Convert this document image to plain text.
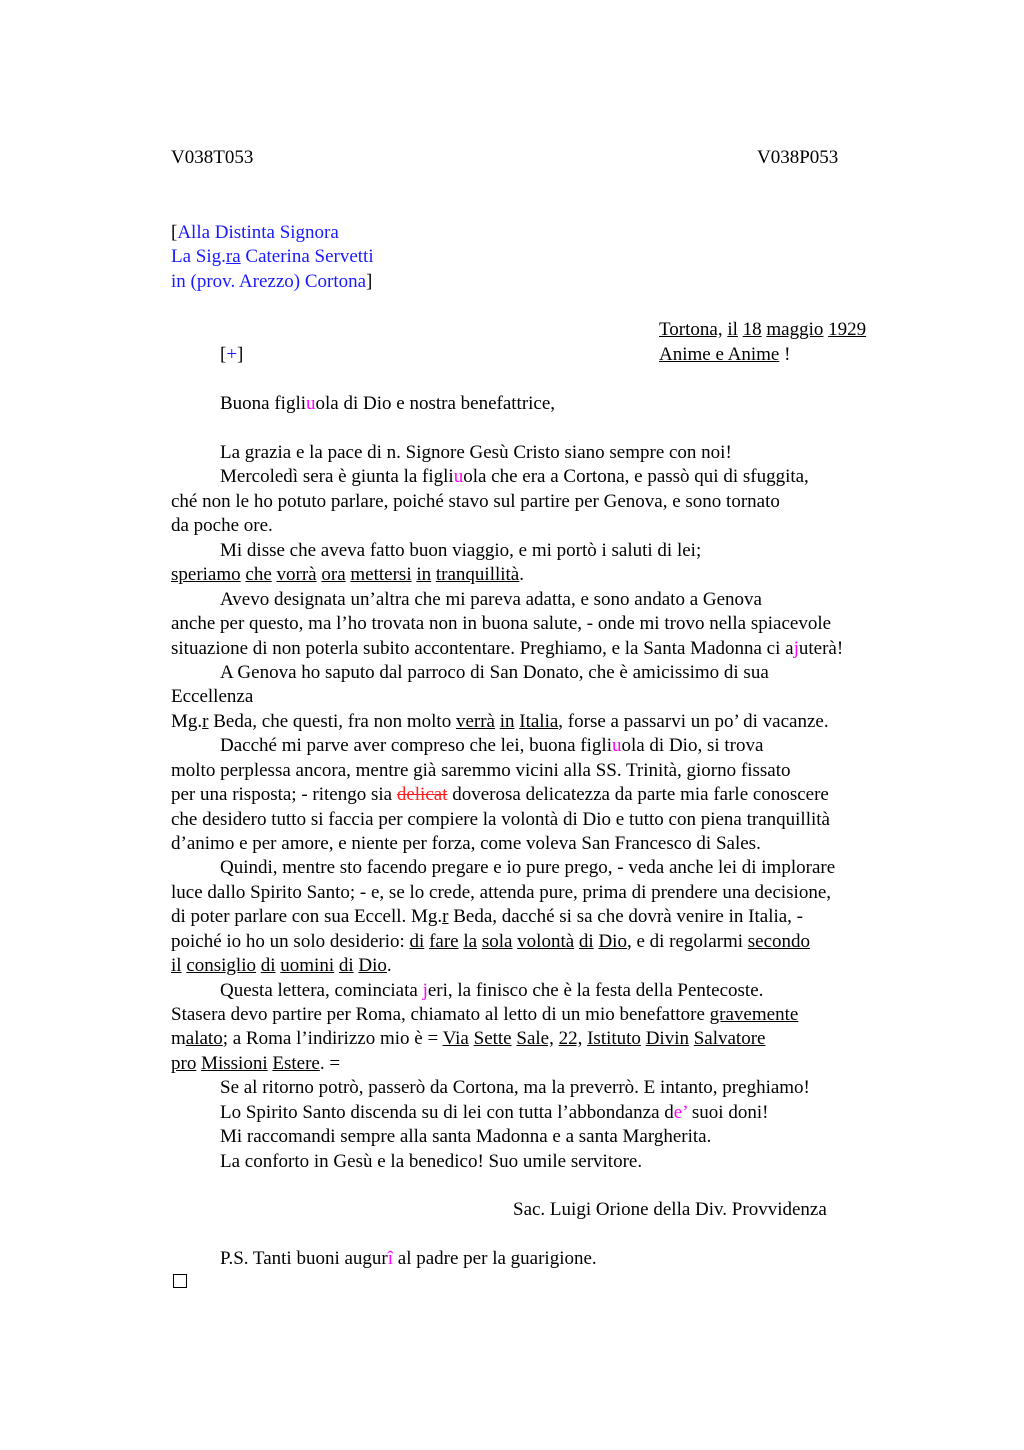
V038T053	V038P053
[Alla Distinta Signora
La Sig.ra Caterina Servetti
in (prov. Arezzo) Cortona]
Tortona, il 18 maggio 1929
Anime e Anime !
[+]
Buona figliuola di Dio e nostra benefattrice,
La grazia e la pace di n. Signore Gesù Cristo siano sempre con noi!
Mercoledì sera è giunta la figliuola che era a Cortona, e passò qui di sfuggita,
ché non le ho potuto parlare, poiché stavo sul partire per Genova, e sono tornato
da poche ore.
Mi disse che aveva fatto buon viaggio, e mi portò i saluti di lei;
speriamo che vorrà ora mettersi in tranquillità.
Avevo designata un’altra che mi pareva adatta, e sono andato a Genova
anche per questo, ma l’ho trovata non in buona salute, - onde mi trovo nella spiacevole
situazione di non poterla subito accontentare. Preghiamo, e la Santa Madonna ci ajuterà!
A Genova ho saputo dal parroco di San Donato, che è amicissimo di sua
Eccellenza
Mg.r Beda, che questi, fra non molto verrà in Italia, forse a passarvi un po’ di vacanze.
Dacché mi parve aver compreso che lei, buona figliuola di Dio, si trova
molto perplessa ancora, mentre già saremmo vicini alla SS. Trinità, giorno fissato
per una risposta; - ritengo sia delicat doverosa delicatezza da parte mia farle conoscere
che desidero tutto si faccia per compiere la volontà di Dio e tutto con piena tranquillità
d’animo e per amore, e niente per forza, come voleva San Francesco di Sales.
Quindi, mentre sto facendo pregare e io pure prego, - veda anche lei di implorare
luce dallo Spirito Santo; - e, se lo crede, attenda pure, prima di prendere una decisione,
di poter parlare con sua Eccell. Mg.r Beda, dacché si sa che dovrà venire in Italia, -
poiché io ho un solo desiderio: di fare la sola volontà di Dio, e di regolarmi secondo
il consiglio di uomini di Dio.
Questa lettera, cominciata jeri, la finisco che è la festa della Pentecoste.
Stasera devo partire per Roma, chiamato al letto di un mio benefattore gravemente
malato; a Roma l’indirizzo mio è = Via Sette Sale, 22, Istituto Divin Salvatore
pro Missioni Estere. =
Se al ritorno potrò, passerò da Cortona, ma la preverrò. E intanto, preghiamo!
Lo Spirito Santo discenda su di lei con tutta l’abbondanza de’ suoi doni!
Mi raccomandi sempre alla santa Madonna e a santa Margherita.
La conforto in Gesù e la benedico! Suo umile servitore.
Sac. Luigi Orione della Div. Provvidenza
P.S. Tanti buoni augurî al padre per la guarigione.
